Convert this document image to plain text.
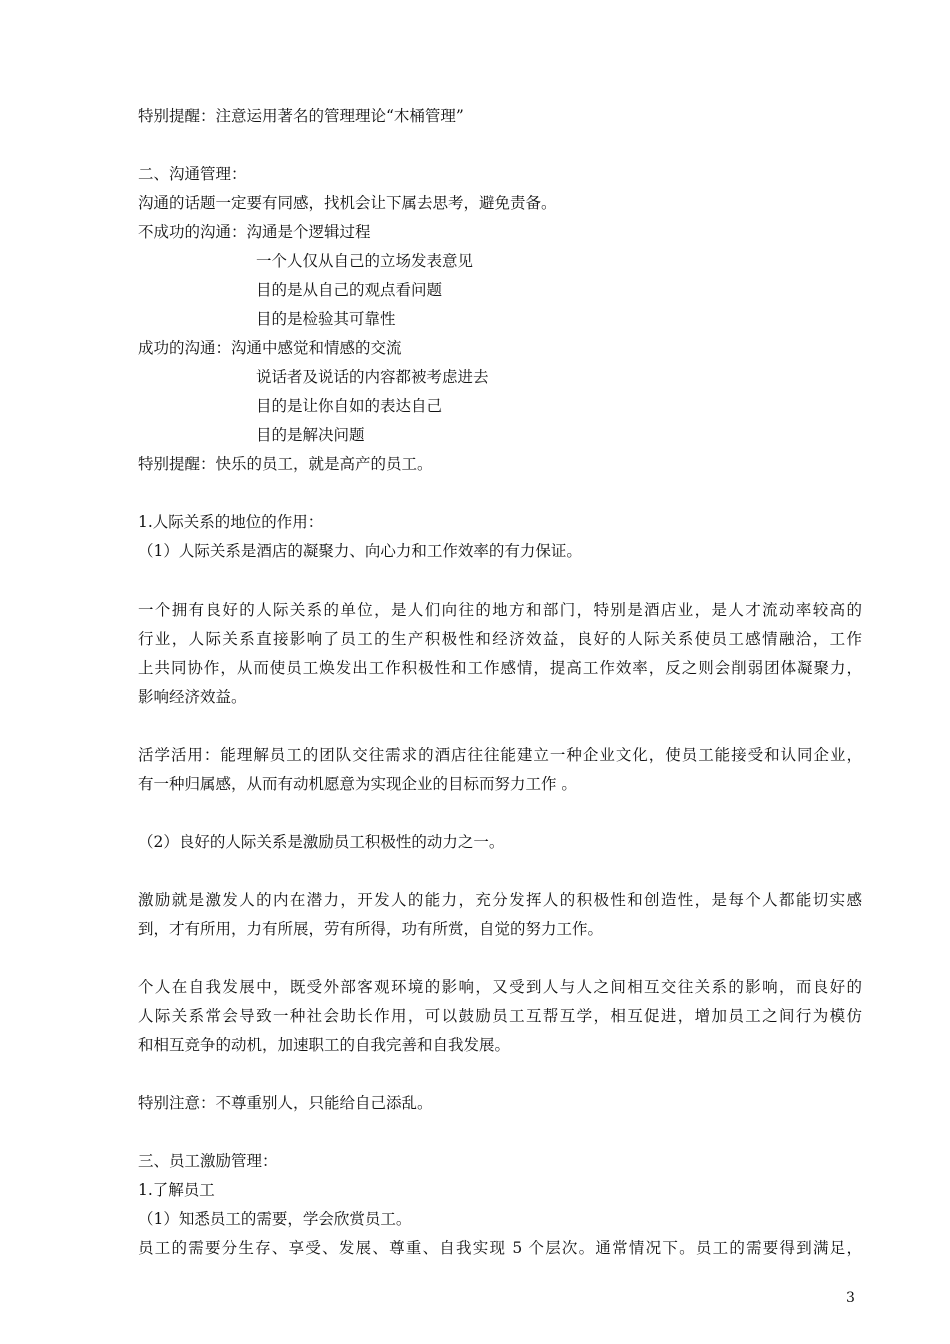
特别提醒：注意运用著名的管理理论“木桶管理”
二、沟通管理：
沟通的话题一定要有同感，找机会让下属去思考，避免责备。
不成功的沟通：沟通是个逻辑过程
一个人仅从自己的立场发表意见
目的是从自己的观点看问题
目的是检验其可靠性
成功的沟通：沟通中感觉和情感的交流
说话者及说话的内容都被考虑进去
目的是让你自如的表达自己
目的是解决问题
特别提醒：快乐的员工，就是高产的员工。
1.人际关系的地位的作用：
（1）人际关系是酒店的凝聚力、向心力和工作效率的有力保证。
一个拥有良好的人际关系的单位，是人们向往的地方和部门，特别是酒店业，是人才流动率较高的
行业，人际关系直接影响了员工的生产积极性和经济效益，良好的人际关系使员工感情融洽，工作
上共同协作，从而使员工焕发出工作积极性和工作感情，提高工作效率，反之则会削弱团体凝聚力，
影响经济效益。
活学活用：能理解员工的团队交往需求的酒店往往能建立一种企业文化，使员工能接受和认同企业，
有一种归属感，从而有动机愿意为实现企业的目标而努力工作 。
（2）良好的人际关系是激励员工积极性的动力之一。
激励就是激发人的内在潜力，开发人的能力，充分发挥人的积极性和创造性，是每个人都能切实感
到，才有所用，力有所展，劳有所得，功有所赏，自觉的努力工作。
个人在自我发展中，既受外部客观环境的影响，又受到人与人之间相互交往关系的影响，而良好的
人际关系常会导致一种社会助长作用，可以鼓励员工互帮互学，相互促进，增加员工之间行为模仿
和相互竞争的动机，加速职工的自我完善和自我发展。
特别注意：不尊重别人，只能给自己添乱。
三、员工激励管理：
1.了解员工
（1）知悉员工的需要，学会欣赏员工。
员工的需要分生存、享受、发展、尊重、自我实现 5 个层次。通常情况下。员工的需要得到满足，
3
